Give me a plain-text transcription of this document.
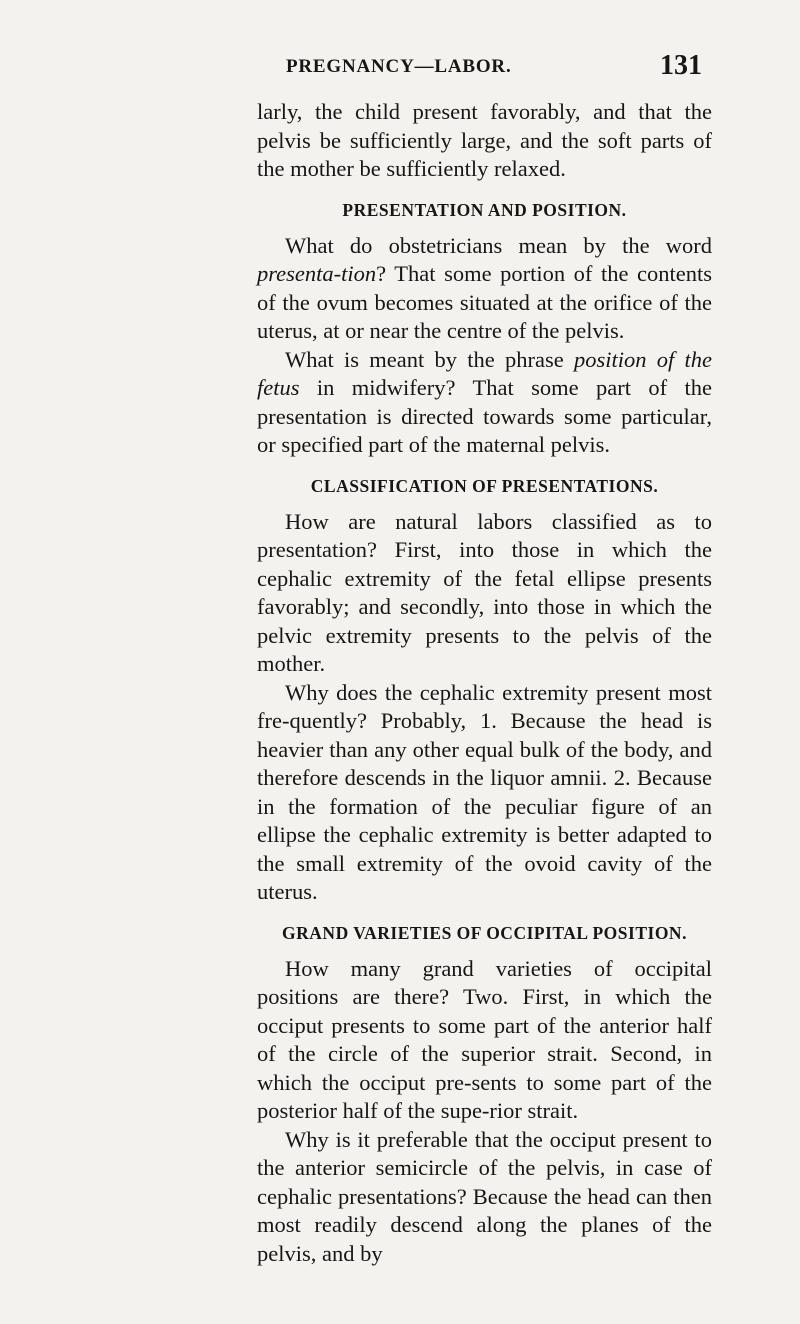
PREGNANCY—LABOR.	131

larly, the child present favorably, and that the pelvis be sufficiently large, and the soft parts of the mother be sufficiently relaxed.

PRESENTATION AND POSITION.

What do obstetricians mean by the word presenta-tion? That some portion of the contents of the ovum becomes situated at the orifice of the uterus, at or near the centre of the pelvis.

What is meant by the phrase position of the fetus in midwifery? That some part of the presentation is directed towards some particular, or specified part of the maternal pelvis.

CLASSIFICATION OF PRESENTATIONS.

How are natural labors classified as to presentation? First, into those in which the cephalic extremity of the fetal ellipse presents favorably; and secondly, into those in which the pelvic extremity presents to the pelvis of the mother.

Why does the cephalic extremity present most fre-quently? Probably, 1. Because the head is heavier than any other equal bulk of the body, and therefore descends in the liquor amnii. 2. Because in the formation of the peculiar figure of an ellipse the cephalic extremity is better adapted to the small extremity of the ovoid cavity of the uterus.

GRAND VARIETIES OF OCCIPITAL POSITION.

How many grand varieties of occipital positions are there? Two. First, in which the occiput presents to some part of the anterior half of the circle of the superior strait. Second, in which the occiput pre-sents to some part of the posterior half of the supe-rior strait.

Why is it preferable that the occiput present to the anterior semicircle of the pelvis, in case of cephalic presentations? Because the head can then most readily descend along the planes of the pelvis, and by
